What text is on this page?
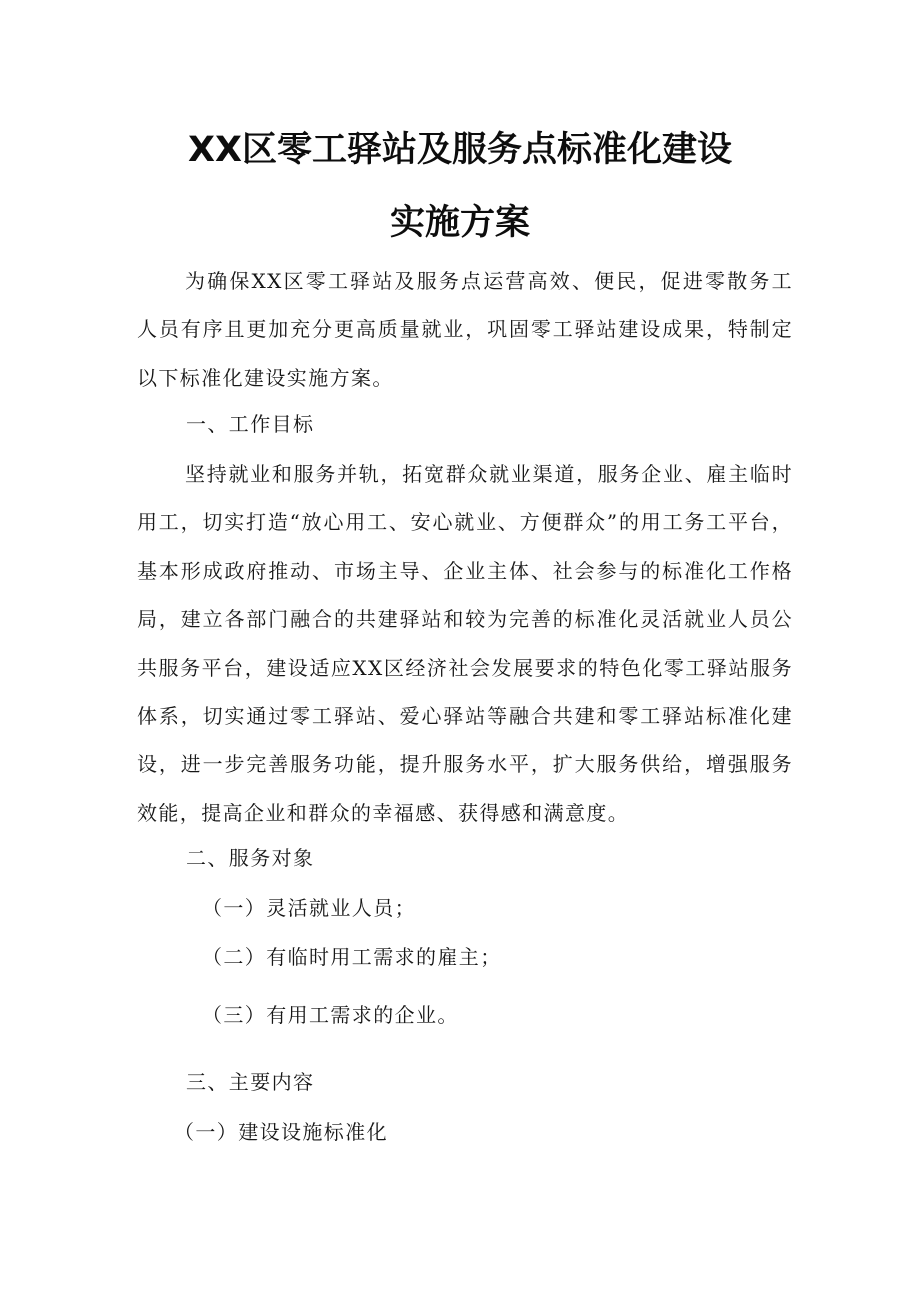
XX区零工驿站及服务点标准化建设
实施方案

为确保XX区零工驿站及服务点运营高效、便民，促进零散务工人员有序且更加充分更高质量就业，巩固零工驿站建设成果，特制定以下标准化建设实施方案。

一、工作目标

坚持就业和服务并轨，拓宽群众就业渠道，服务企业、雇主临时用工，切实打造“放心用工、安心就业、方便群众”的用工务工平台，基本形成政府推动、市场主导、企业主体、社会参与的标准化工作格局，建立各部门融合的共建驿站和较为完善的标准化灵活就业人员公共服务平台，建设适应XX区经济社会发展要求的特色化零工驿站服务体系，切实通过零工驿站、爱心驿站等融合共建和零工驿站标准化建设，进一步完善服务功能，提升服务水平，扩大服务供给，增强服务效能，提高企业和群众的幸福感、获得感和满意度。

二、服务对象

（一）灵活就业人员；

（二）有临时用工需求的雇主；

（三）有用工需求的企业。

三、主要内容

（一）建设设施标准化
